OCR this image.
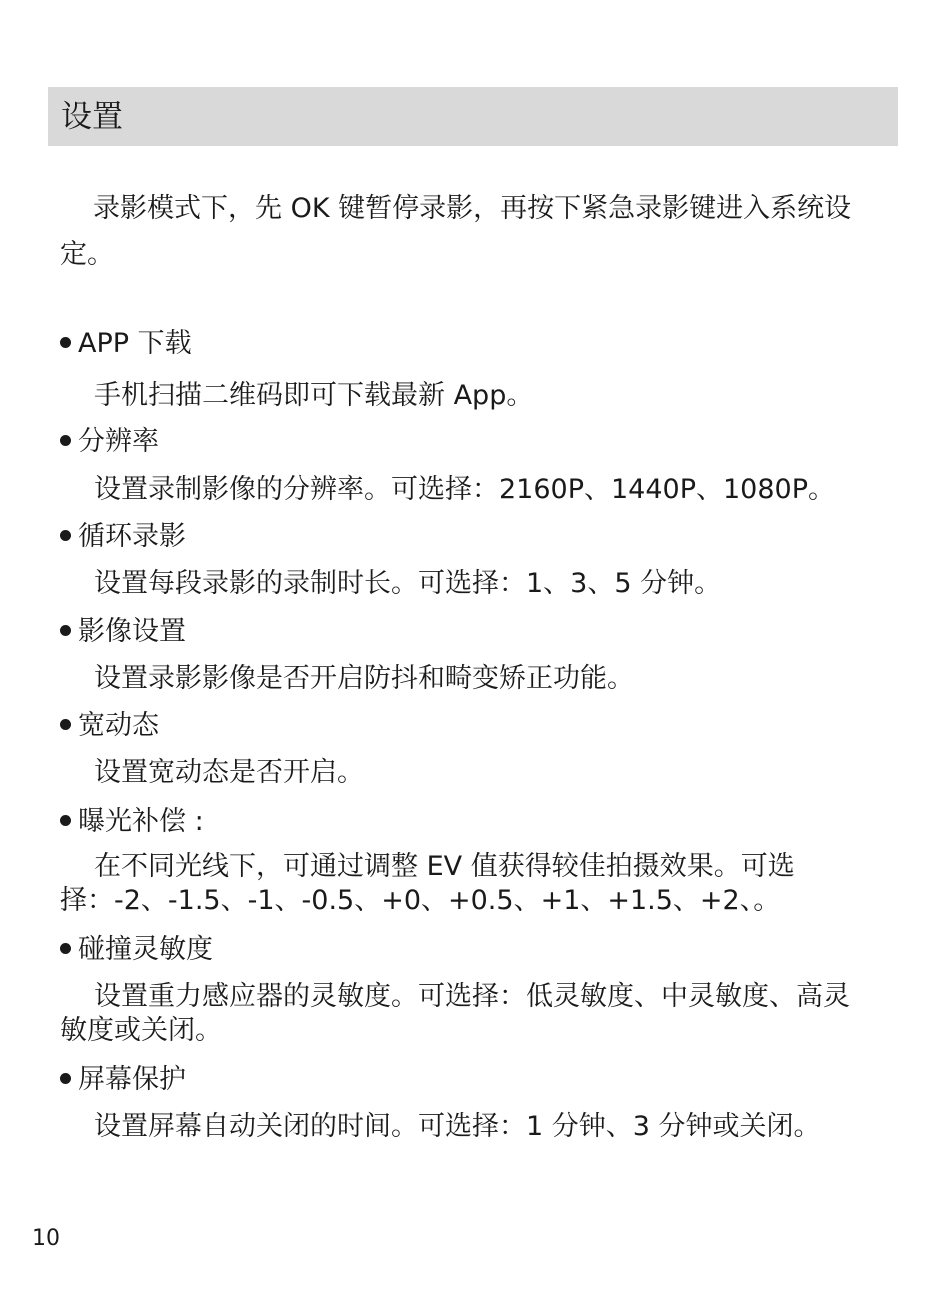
设置
录影模式下，先 OK 键暂停录影，再按下紧急录影键进入系统设定。
APP 下载
手机扫描二维码即可下载最新 App。
分辨率
设置录制影像的分辨率。可选择：2160P、1440P、1080P。
循环录影
设置每段录影的录制时长。可选择：1、3、5 分钟。
影像设置
设置录影影像是否开启防抖和畸变矫正功能。
宽动态
设置宽动态是否开启。
曝光补偿 :
在不同光线下，可通过调整 EV 值获得较佳拍摄效果。可选择：-2、-1.5、-1、-0.5、+0、+0.5、+1、+1.5、+2、。
碰撞灵敏度
设置重力感应器的灵敏度。可选择：低灵敏度、中灵敏度、高灵敏度或关闭。
屏幕保护
设置屏幕自动关闭的时间。可选择：1 分钟、3 分钟或关闭。
10
